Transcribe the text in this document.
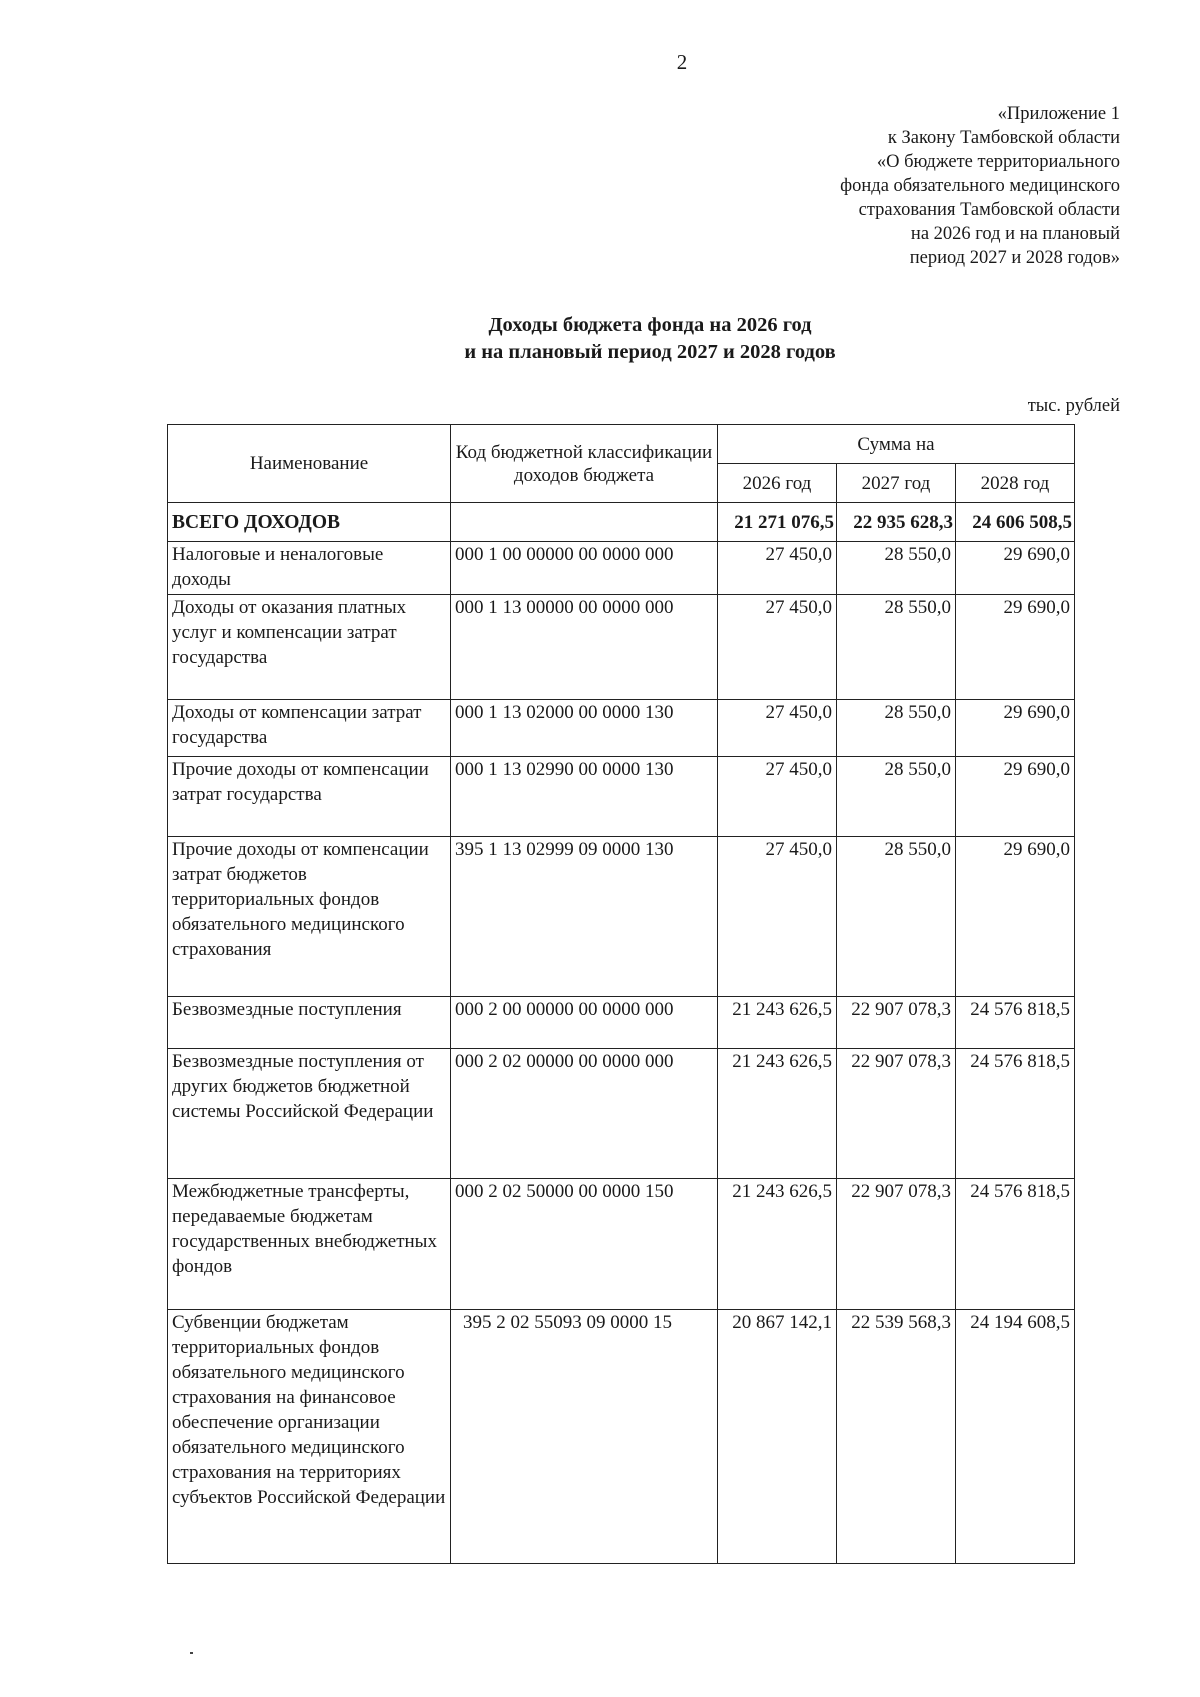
2
«Приложение 1
к Закону Тамбовской области
«О бюджете территориального
фонда обязательного медицинского
страхования Тамбовской области
на 2026 год и на плановый
период 2027 и 2028 годов»
Доходы бюджета фонда на 2026 год
и на плановый период 2027 и 2028 годов
тыс. рублей
Наименование	Код бюджетной классификации доходов бюджета	Сумма на		
		2026 год	2027 год	2028 год
ВСЕГО ДОХОДОВ		21 271 076,5	22 935 628,3	24 606 508,5
Налоговые и неналоговые доходы	000 1 00 00000 00 0000 000	27 450,0	28 550,0	29 690,0
Доходы от оказания платных услуг и компенсации затрат государства	000 1 13 00000 00 0000 000	27 450,0	28 550,0	29 690,0
Доходы от компенсации затрат государства	000 1 13 02000 00 0000 130	27 450,0	28 550,0	29 690,0
Прочие доходы от компенсации затрат государства	000 1 13 02990 00 0000 130	27 450,0	28 550,0	29 690,0
Прочие доходы от компенсации затрат бюджетов территориальных фондов обязательного медицинского страхования	395 1 13 02999 09 0000 130	27 450,0	28 550,0	29 690,0
Безвозмездные поступления	000 2 00 00000 00 0000 000	21 243 626,5	22 907 078,3	24 576 818,5
Безвозмездные поступления от других бюджетов бюджетной системы Российской Федерации	000 2 02 00000 00 0000 000	21 243 626,5	22 907 078,3	24 576 818,5
Межбюджетные трансферты, передаваемые бюджетам государственных внебюджетных фондов	000 2 02 50000 00 0000 150	21 243 626,5	22 907 078,3	24 576 818,5
Субвенции бюджетам территориальных фондов обязательного медицинского страхования на финансовое обеспечение организации обязательного медицинского страхования на территориях субъектов Российской Федерации	395 2 02 55093 09 0000 15	20 867 142,1	22 539 568,3	24 194 608,5
